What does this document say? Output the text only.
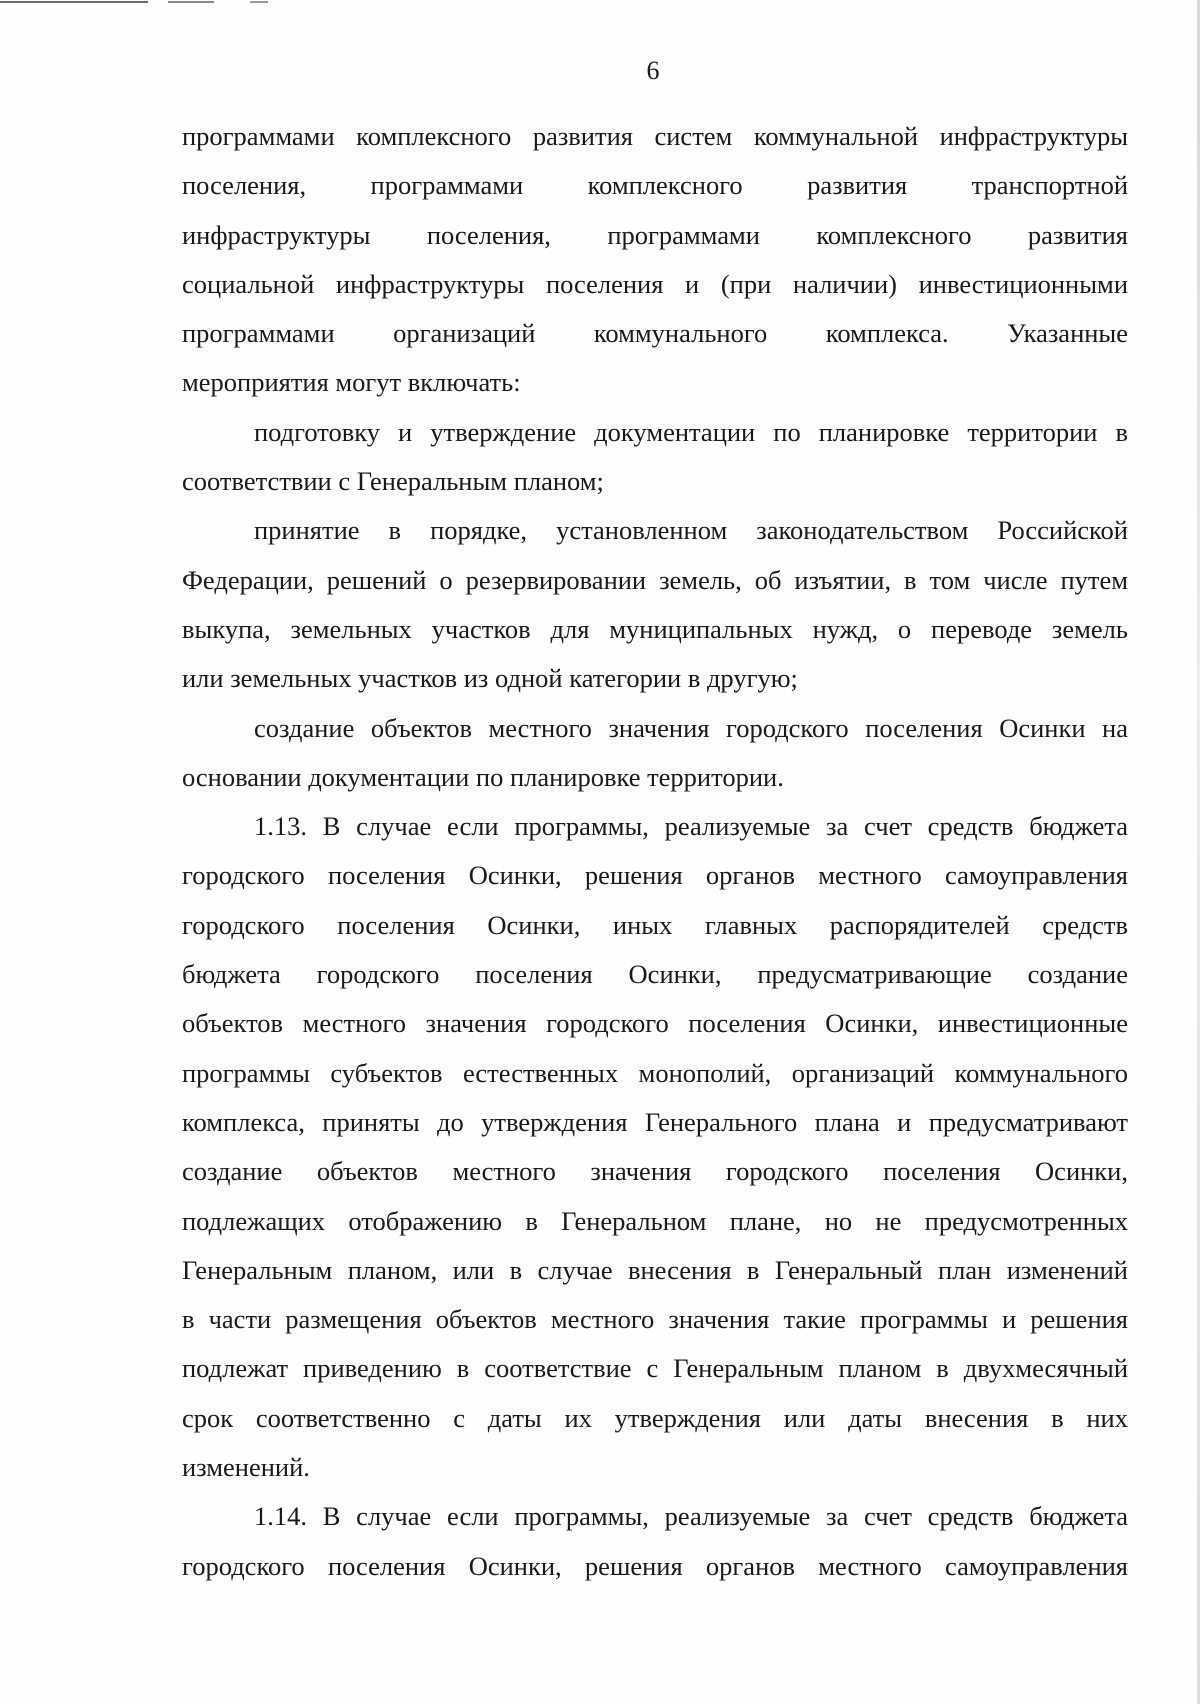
6
программами комплексного развития систем коммунальной инфраструктуры
поселения, программами комплексного развития транспортной
инфраструктуры поселения, программами комплексного развития
социальной инфраструктуры поселения и (при наличии) инвестиционными
программами организаций коммунального комплекса. Указанные
мероприятия могут включать:
подготовку и утверждение документации по планировке территории в
соответствии с Генеральным планом;
принятие в порядке, установленном законодательством Российской
Федерации, решений о резервировании земель, об изъятии, в том числе путем
выкупа, земельных участков для муниципальных нужд, о переводе земель
или земельных участков из одной категории в другую;
создание объектов местного значения городского поселения Осинки на
основании документации по планировке территории.
1.13. В случае если программы, реализуемые за счет средств бюджета
городского поселения Осинки, решения органов местного самоуправления
городского поселения Осинки, иных главных распорядителей средств
бюджета городского поселения Осинки, предусматривающие создание
объектов местного значения городского поселения Осинки, инвестиционные
программы субъектов естественных монополий, организаций коммунального
комплекса, приняты до утверждения Генерального плана и предусматривают
создание объектов местного значения городского поселения Осинки,
подлежащих отображению в Генеральном плане, но не предусмотренных
Генеральным планом, или в случае внесения в Генеральный план изменений
в части размещения объектов местного значения такие программы и решения
подлежат приведению в соответствие с Генеральным планом в двухмесячный
срок соответственно с даты их утверждения или даты внесения в них
изменений.
1.14. В случае если программы, реализуемые за счет средств бюджета
городского поселения Осинки, решения органов местного самоуправления
